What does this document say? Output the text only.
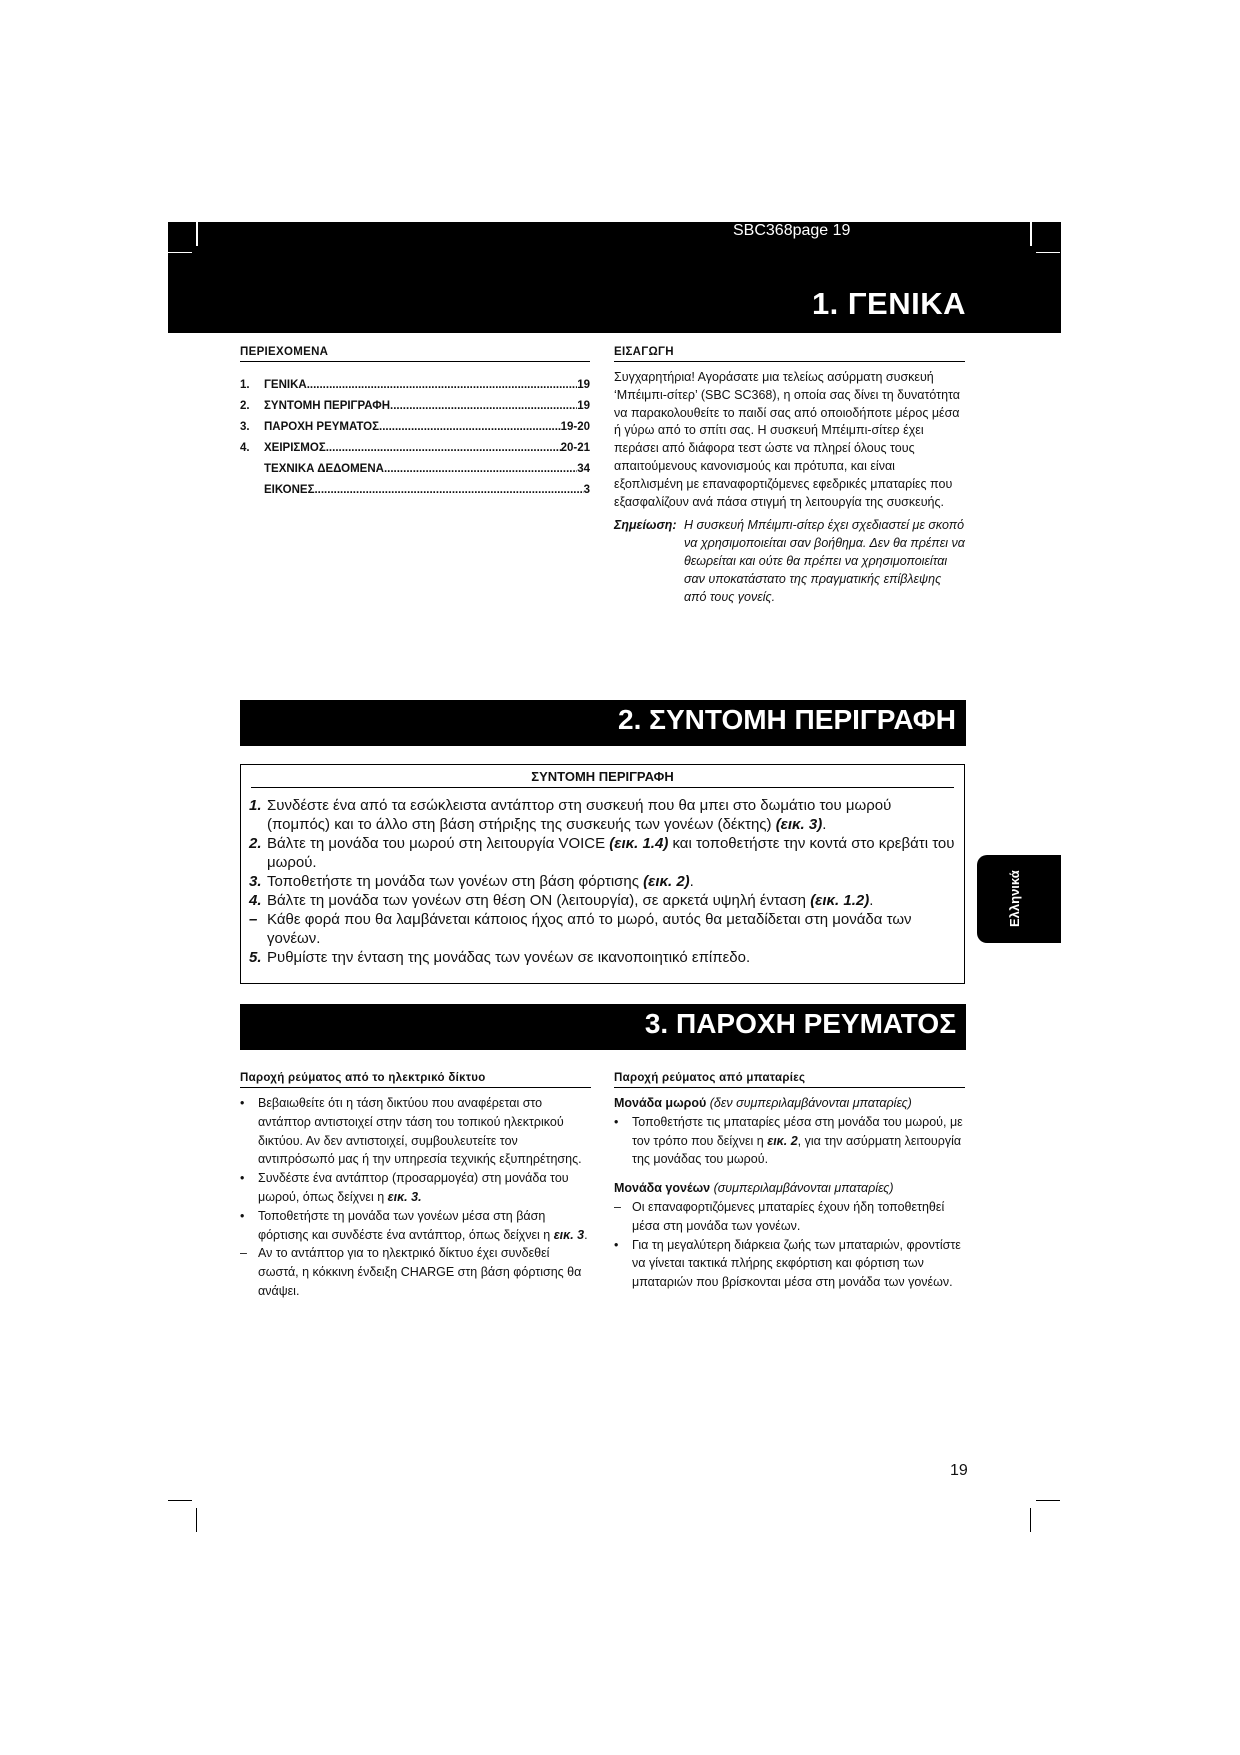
SBC368page 19
1. ΓΕΝΙΚΑ
ΠΕΡΙΕΧΟΜΕΝΑ
1.	ΓΕΝΙΚΑ .....	19
2.	ΣΥΝΤΟΜΗ ΠΕΡΙΓΡΑΦΗ .....	19
3.	ΠΑΡΟΧΗ ΡΕΥΜΑΤΟΣ .....	19-20
4.	ΧΕΙΡΙΣΜΟΣ .....	20-21
ΤΕΧΝΙΚΑ ΔΕΔΟΜΕΝΑ .....	34
ΕΙΚΟΝΕΣ .....	3
ΕΙΣΑΓΩΓΗ
Συγχαρητήρια! Αγοράσατε μια τελείως ασύρματη συσκευή ‘Μπέιμπι-σίτερ’ (SBC SC368), η οποία σας δίνει τη δυνατότητα να παρακολουθείτε το παιδί σας από οποιοδήποτε μέρος μέσα ή γύρω από το σπίτι σας. Η συσκευή Μπέιμπι-σίτερ έχει περάσει από διάφορα τεστ ώστε να πληρεί όλους τους απαιτούμενους κανονισμούς και πρότυπα, και είναι εξοπλισμένη με επαναφορτιζόμενες εφεδρικές μπαταρίες που εξασφαλίζουν ανά πάσα στιγμή τη λειτουργία της συσκευής.
Σημείωση: Η συσκευή Μπέιμπι-σίτερ έχει σχεδιαστεί με σκοπό να χρησιμοποιείται σαν βοήθημα. Δεν θα πρέπει να θεωρείται και ούτε θα πρέπει να χρησιμοποιείται σαν υποκατάστατο της πραγματικής επίβλεψης από τους γονείς.
2. ΣΥΝΤΟΜΗ ΠΕΡΙΓΡΑΦΗ
ΣΥΝΤΟΜΗ ΠΕΡΙΓΡΑΦΗ
1. Συνδέστε ένα από τα εσώκλειστα αντάπτορ στη συσκευή που θα μπει στο δωμάτιο του μωρού (πομπός) και το άλλο στη βάση στήριξης της συσκευής των γονέων (δέκτης) (εικ. 3).
2. Βάλτε τη μονάδα του μωρού στη λειτουργία VOICE (εικ. 1.4) και τοποθετήστε την κοντά στο κρεβάτι του μωρού.
3. Τοποθετήστε τη μονάδα των γονέων στη βάση φόρτισης (εικ. 2).
4. Βάλτε τη μονάδα των γονέων στη θέση ON (λειτουργία), σε αρκετά υψηλή ένταση (εικ. 1.2).
– Κάθε φορά που θα λαμβάνεται κάποιος ήχος από το μωρό, αυτός θα μεταδίδεται στη μονάδα των γονέων.
5. Ρυθμίστε την ένταση της μονάδας των γονέων σε ικανοποιητικό επίπεδο.
3. ΠΑΡΟΧΗ ΡΕΥΜΑΤΟΣ
Παροχή ρεύματος από το ηλεκτρικό δίκτυο
•	Βεβαιωθείτε ότι η τάση δικτύου που αναφέρεται στο αντάπτορ αντιστοιχεί στην τάση του τοπικού ηλεκτρικού δικτύου. Αν δεν αντιστοιχεί, συμβουλευτείτε τον αντιπρόσωπό μας ή την υπηρεσία τεχνικής εξυπηρέτησης.
•	Συνδέστε ένα αντάπτορ (προσαρμογέα) στη μονάδα του μωρού, όπως δείχνει η εικ. 3.
•	Τοποθετήστε τη μονάδα των γονέων μέσα στη βάση φόρτισης και συνδέστε ένα αντάπτορ, όπως δείχνει η εικ. 3.
– Αν το αντάπτορ για το ηλεκτρικό δίκτυο έχει συνδεθεί σωστά, η κόκκινη ένδειξη CHARGE στη βάση φόρτισης θα ανάψει.
Παροχή ρεύματος από μπαταρίες
Μονάδα μωρού (δεν συμπεριλαμβάνονται μπαταρίες)
•	Τοποθετήστε τις μπαταρίες μέσα στη μονάδα του μωρού, με τον τρόπο που δείχνει η εικ. 2, για την ασύρματη λειτουργία της μονάδας του μωρού.
Μονάδα γονέων (συμπεριλαμβάνονται μπαταρίες)
– Οι επαναφορτιζόμενες μπαταρίες έχουν ήδη τοποθετηθεί μέσα στη μονάδα των γονέων.
•	Για τη μεγαλύτερη διάρκεια ζωής των μπαταριών, φροντίστε να γίνεται τακτικά πλήρης εκφόρτιση και φόρτιση των μπαταριών που βρίσκονται μέσα στη μονάδα των γονέων.
Ελληνικά
19
